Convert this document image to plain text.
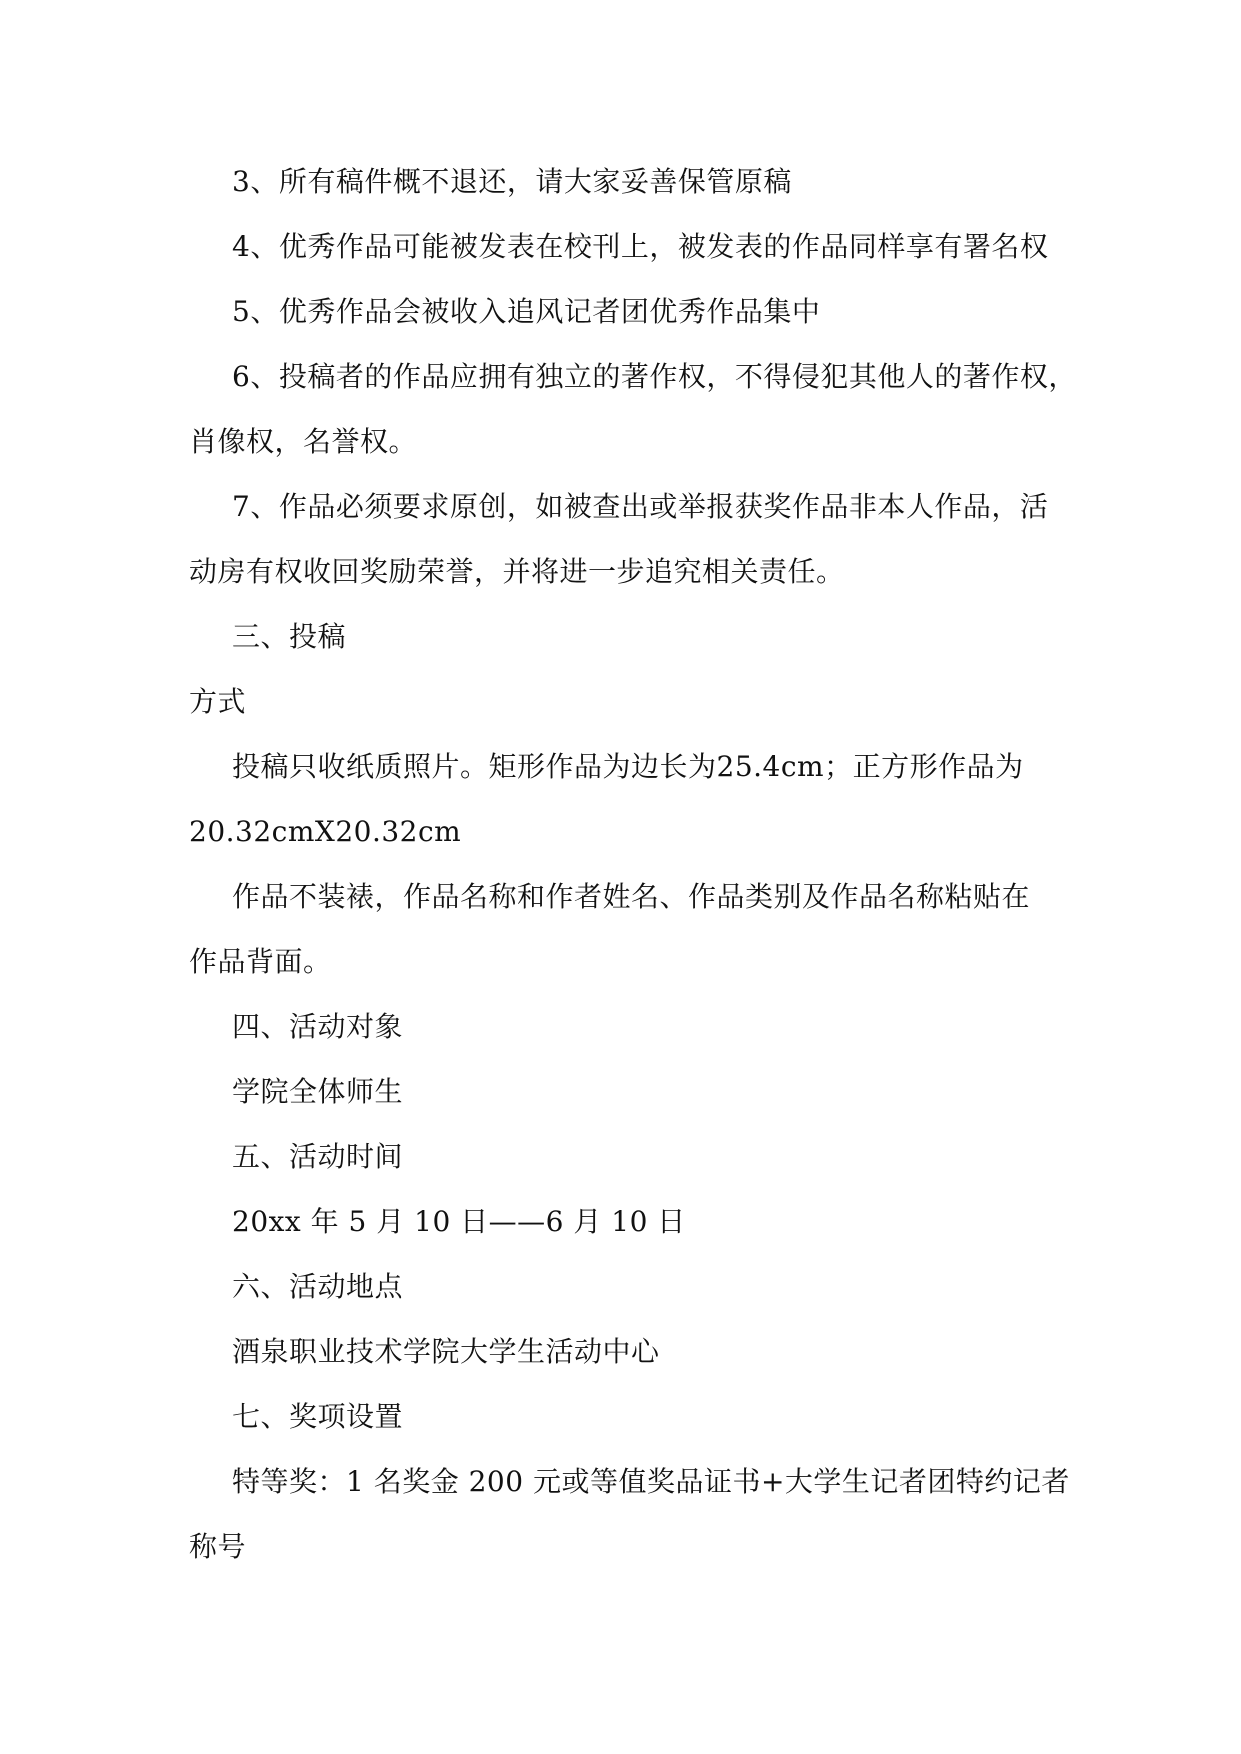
3、所有稿件概不退还，请大家妥善保管原稿
4、优秀作品可能被发表在校刊上，被发表的作品同样享有署名权
5、优秀作品会被收入追风记者团优秀作品集中
6、投稿者的作品应拥有独立的著作权，不得侵犯其他人的著作权，
肖像权，名誉权。
7、作品必须要求原创，如被查出或举报获奖作品非本人作品，活
动房有权收回奖励荣誉，并将进一步追究相关责任。
三、投稿
方式
投稿只收纸质照片。矩形作品为边长为25.4cm；正方形作品为
20.32cmX20.32cm
作品不装裱，作品名称和作者姓名、作品类别及作品名称粘贴在
作品背面。
四、活动对象
学院全体师生
五、活动时间
20xx 年 5 月 10 日——6 月 10 日
六、活动地点
酒泉职业技术学院大学生活动中心
七、奖项设置
特等奖：1 名奖金 200 元或等值奖品证书+大学生记者团特约记者
称号
